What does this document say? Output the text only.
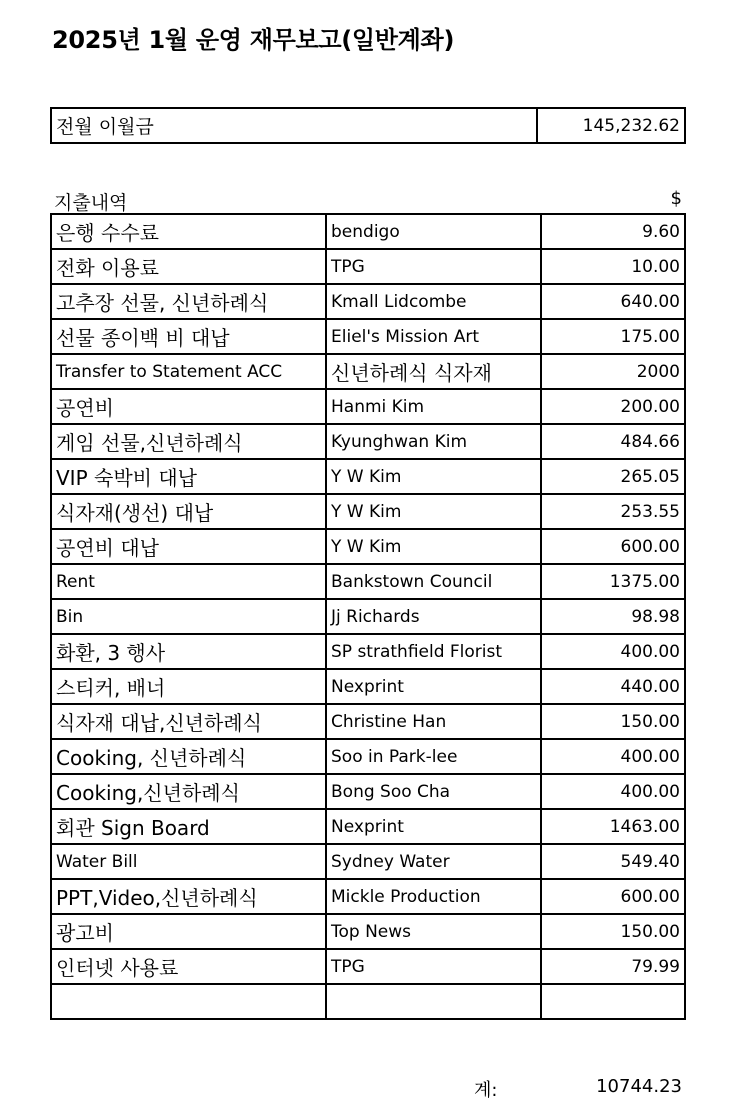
2025년 1월 운영 재무보고(일반계좌)
전월 이월금	145,232.62
지출내역	$
은행 수수료	bendigo	9.60
전화 이용료	TPG	10.00
고추장 선물, 신년하례식	Kmall Lidcombe	640.00
선물 종이백 비 대납	Eliel's Mission Art	175.00
Transfer to Statement ACC	신년하례식 식자재	2000
공연비	Hanmi Kim	200.00
게임 선물,신년하례식	Kyunghwan Kim	484.66
VIP 숙박비 대납	Y W Kim	265.05
식자재(생선) 대납	Y W Kim	253.55
공연비 대납	Y W Kim	600.00
Rent	Bankstown Council	1375.00
Bin	Jj Richards	98.98
화환, 3 행사	SP strathfield Florist	400.00
스티커, 배너	Nexprint	440.00
식자재 대납,신년하례식	Christine Han	150.00
Cooking, 신년하례식	Soo in Park-lee	400.00
Cooking,신년하례식	Bong Soo Cha	400.00
회관 Sign Board	Nexprint	1463.00
Water Bill	Sydney Water	549.40
PPT,Video,신년하례식	Mickle Production	600.00
광고비	Top News	150.00
인터넷 사용료	TPG	79.99

계:	10744.23
